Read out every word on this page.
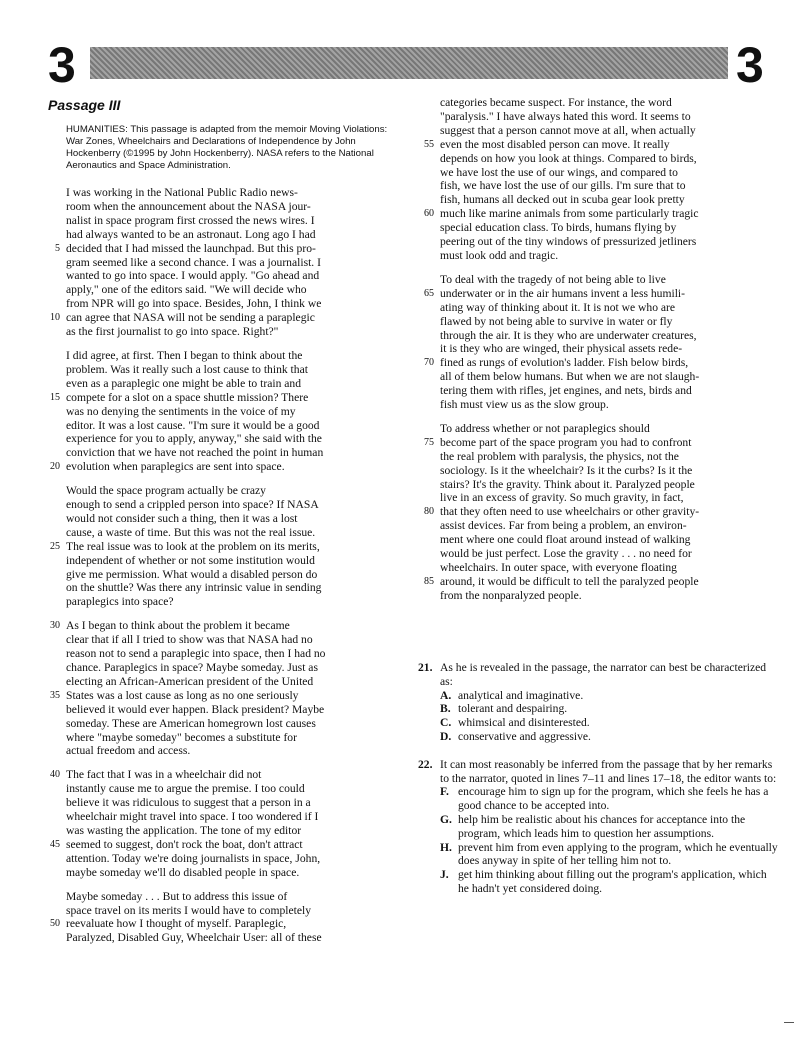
3	3
Passage III

HUMANITIES: This passage is adapted from the memoir Moving Violations: War Zones, Wheelchairs and Declarations of Independence by John Hockenberry (©1995 by John Hockenberry). NASA refers to the National Aeronautics and Space Administration.

I was working in the National Public Radio news-
room when the announcement about the NASA jour-
nalist in space program first crossed the news wires. I
had always wanted to be an astronaut. Long ago I had
5 decided that I had missed the launchpad. But this pro-
gram seemed like a second chance. I was a journalist. I
wanted to go into space. I would apply. "Go ahead and
apply," one of the editors said. "We will decide who
from NPR will go into space. Besides, John, I think we
10 can agree that NASA will not be sending a paraplegic
as the first journalist to go into space. Right?"
I did agree, at first. Then I began to think about the
problem. Was it really such a lost cause to think that
even as a paraplegic one might be able to train and
15 compete for a slot on a space shuttle mission? There
was no denying the sentiments in the voice of my
editor. It was a lost cause. "I'm sure it would be a good
experience for you to apply, anyway," she said with the
conviction that we have not reached the point in human
20 evolution when paraplegics are sent into space.
Would the space program actually be crazy
enough to send a crippled person into space? If NASA
would not consider such a thing, then it was a lost
cause, a waste of time. But this was not the real issue.
25 The real issue was to look at the problem on its merits,
independent of whether or not some institution would
give me permission. What would a disabled person do
on the shuttle? Was there any intrinsic value in sending
paraplegics into space?
30 As I began to think about the problem it became
clear that if all I tried to show was that NASA had no
reason not to send a paraplegic into space, then I had no
chance. Paraplegics in space? Maybe someday. Just as
electing an African-American president of the United
35 States was a lost cause as long as no one seriously
believed it would ever happen. Black president? Maybe
someday. These are American homegrown lost causes
where "maybe someday" becomes a substitute for
actual freedom and access.
40 The fact that I was in a wheelchair did not
instantly cause me to argue the premise. I too could
believe it was ridiculous to suggest that a person in a
wheelchair might travel into space. I too wondered if I
was wasting the application. The tone of my editor
45 seemed to suggest, don't rock the boat, don't attract
attention. Today we're doing journalists in space, John,
maybe someday we'll do disabled people in space.
Maybe someday . . . But to address this issue of
space travel on its merits I would have to completely
50 reevaluate how I thought of myself. Paraplegic,
Paralyzed, Disabled Guy, Wheelchair User: all of these
categories became suspect. For instance, the word
"paralysis." I have always hated this word. It seems to
suggest that a person cannot move at all, when actually
55 even the most disabled person can move. It really
depends on how you look at things. Compared to birds,
we have lost the use of our wings, and compared to
fish, we have lost the use of our gills. I'm sure that to
fish, humans all decked out in scuba gear look pretty
60 much like marine animals from some particularly tragic
special education class. To birds, humans flying by
peering out of the tiny windows of pressurized jetliners
must look odd and tragic.
To deal with the tragedy of not being able to live
65 underwater or in the air humans invent a less humili-
ating way of thinking about it. It is not we who are
flawed by not being able to survive in water or fly
through the air. It is they who are underwater creatures,
it is they who are winged, their physical assets rede-
70 fined as rungs of evolution's ladder. Fish below birds,
all of them below humans. But when we are not slaugh-
tering them with rifles, jet engines, and nets, birds and
fish must view us as the slow group.
To address whether or not paraplegics should
75 become part of the space program you had to confront
the real problem with paralysis, the physics, not the
sociology. Is it the wheelchair? Is it the curbs? Is it the
stairs? It's the gravity. Think about it. Paralyzed people
live in an excess of gravity. So much gravity, in fact,
80 that they often need to use wheelchairs or other gravity-
assist devices. Far from being a problem, an environ-
ment where one could float around instead of walking
would be just perfect. Lose the gravity . . . no need for
wheelchairs. In outer space, with everyone floating
85 around, it would be difficult to tell the paralyzed people
from the nonparalyzed people.
21. As he is revealed in the passage, the narrator can best be characterized as:
A. analytical and imaginative.
B. tolerant and despairing.
C. whimsical and disinterested.
D. conservative and aggressive.
22. It can most reasonably be inferred from the passage that by her remarks to the narrator, quoted in lines 7–11 and lines 17–18, the editor wants to:
F. encourage him to sign up for the program, which she feels he has a good chance to be accepted into.
G. help him be realistic about his chances for acceptance into the program, which leads him to question her assumptions.
H. prevent him from even applying to the program, which he eventually does anyway in spite of her telling him not to.
J. get him thinking about filling out the program's application, which he hadn't yet considered doing.
